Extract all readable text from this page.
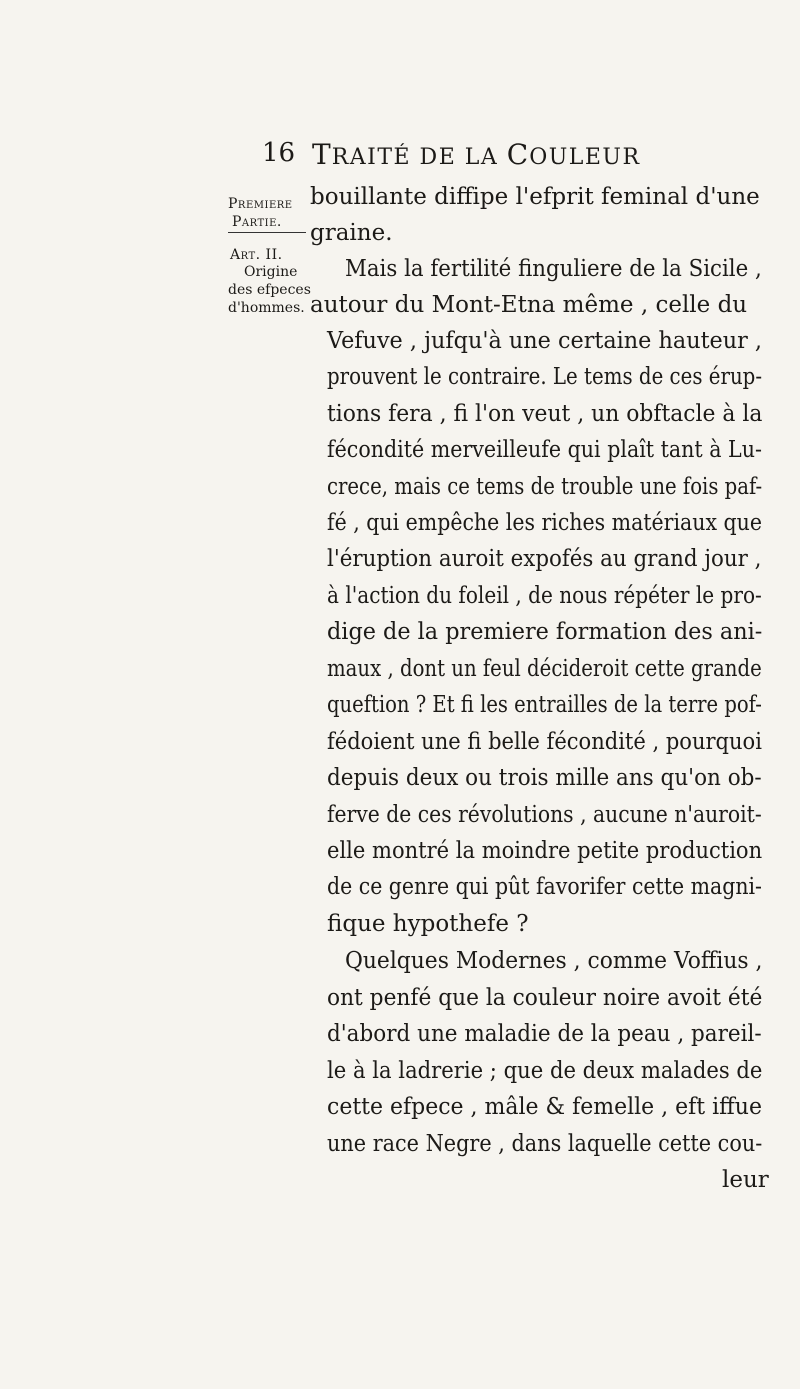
16 TRAITÉ DE LA COULEUR
Premiere
Partie.
Art. II.
Origine
des efpeces
d'hommes.
bouillante diffipe l'efprit feminal d'une
graine.
Mais la fertilité finguliere de la Sicile ,
autour du Mont-Etna même , celle du
Vefuve , jufqu'à une certaine hauteur ,
prouvent le contraire. Le tems de ces érup-
tions fera , fi l'on veut , un obftacle à la
fécondité merveilleufe qui plaît tant à Lu-
crece, mais ce tems de trouble une fois paf-
fé , qui empêche les riches matériaux que
l'éruption auroit expofés au grand jour ,
à l'action du foleil , de nous répéter le pro-
dige de la premiere formation des ani-
maux , dont un feul décideroit cette grande
queftion ? Et fi les entrailles de la terre pof-
fédoient une fi belle fécondité , pourquoi
depuis deux ou trois mille ans qu'on ob-
ferve de ces révolutions , aucune n'auroit-
elle montré la moindre petite production
de ce genre qui pût favorifer cette magni-
fique hypothefe ?
Quelques Modernes , comme Voffius ,
ont penfé que la couleur noire avoit été
d'abord une maladie de la peau , pareil-
le à la ladrerie ; que de deux malades de
cette efpece , mâle & femelle , eft iffue
une race Negre , dans laquelle cette cou-
leur
